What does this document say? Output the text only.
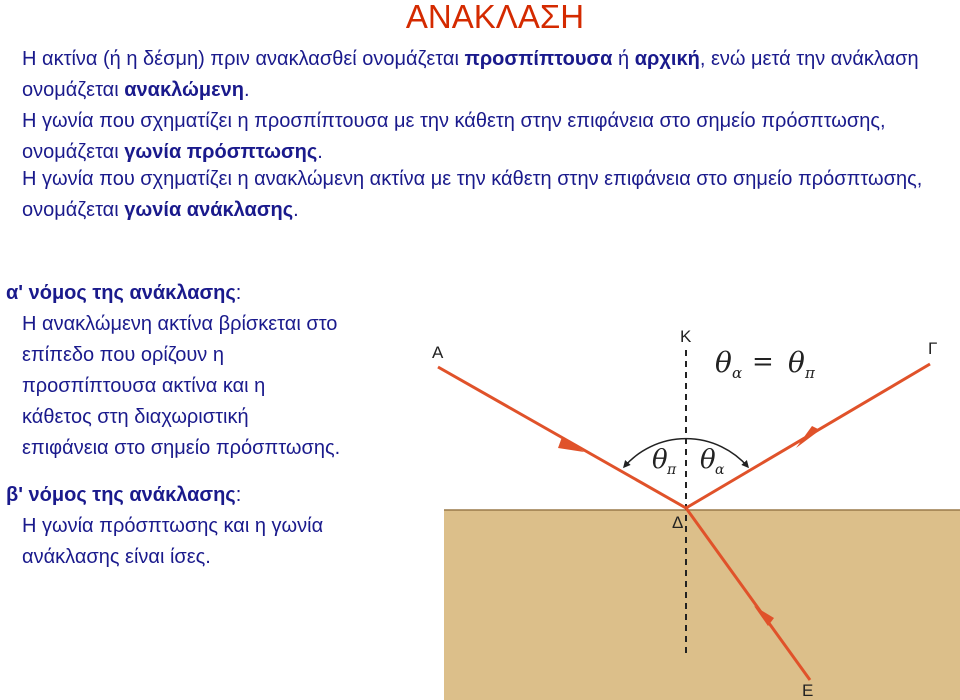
ΑΝΑΚΛΑΣΗ

Η ακτίνα (ή η δέσμη) πριν ανακλασθεί ονομάζεται προσπίπτουσα ή αρχική, ενώ μετά την ανάκλαση ονομάζεται ανακλώμενη.

Η γωνία που σχηματίζει η προσπίπτουσα με την κάθετη στην επιφάνεια στο σημείο πρόσπτωσης, ονομάζεται γωνία πρόσπτωσης.

Η γωνία που σχηματίζει η ανακλώμενη ακτίνα με την κάθετη στην επιφάνεια στο σημείο πρόσπτωσης, ονομάζεται γωνία ανάκλασης.

α' νόμος της ανάκλασης:
Η ανακλώμενη ακτίνα βρίσκεται στο
επίπεδο που ορίζουν η
προσπίπτουσα ακτίνα και η
κάθετος στη διαχωριστική
επιφάνεια στο σημείο πρόσπτωσης.
β' νόμος της ανάκλασης:
Η γωνία πρόσπτωσης και η γωνία
ανάκλασης είναι ίσες.
Α	Γ
Κ
Δ
Ε
θ α = θ π
θ π θ α
